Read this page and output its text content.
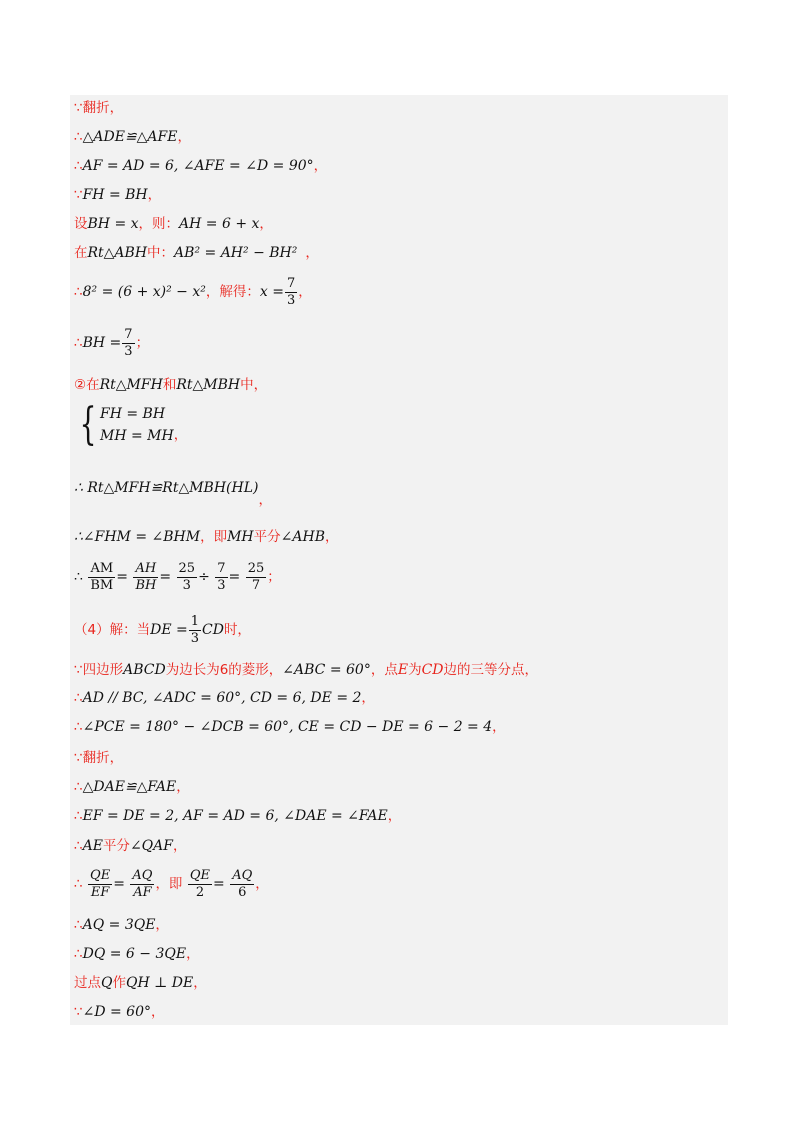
∵翻折，
∴△ADE≌△AFE，
∴AF = AD = 6, ∠AFE = ∠D = 90°，
∵FH = BH，
设BH = x，则：AH = 6 + x，
在Rt△ABH中：AB² = AH² − BH² ，
∴8² = (6 + x)² − x²，解得：$x = \frac{7}{3}$ ，
∴BH = $\frac{7}{3}$ ；
②在Rt△MFH和Rt△MBH中，
{ FH = BH
MH = MH ，
∴ Rt△MFH≌Rt△MBH(HL)，
∴∠FHM = ∠BHM，即MH平分∠AHB，
∴ $\frac{AM}{BM} = \frac{AH}{BH} = \frac{25}{3} \div \frac{7}{3} = \frac{25}{7}$ ；
（4）解：当DE = $\frac{1}{3}$ CD时，
∵四边形ABCD为边长为6的菱形，∠ABC = 60°，点E为CD边的三等分点，
∴AD // BC, ∠ADC = 60°, CD = 6, DE = 2，
∴∠PCE = 180° − ∠DCB = 60°, CE = CD − DE = 6 − 2 = 4，
∵翻折，
∴△DAE≌△FAE，
∴EF = DE = 2, AF = AD = 6, ∠DAE = ∠FAE，
∴AE平分∠QAF，
∴ $\frac{QE}{EF} = \frac{AQ}{AF}$ ，即 $\frac{QE}{2} = \frac{AQ}{6}$ ，
∴AQ = 3QE，
∴DQ = 6 − 3QE，
过点Q作QH ⊥ DE，
∵∠D = 60°，
